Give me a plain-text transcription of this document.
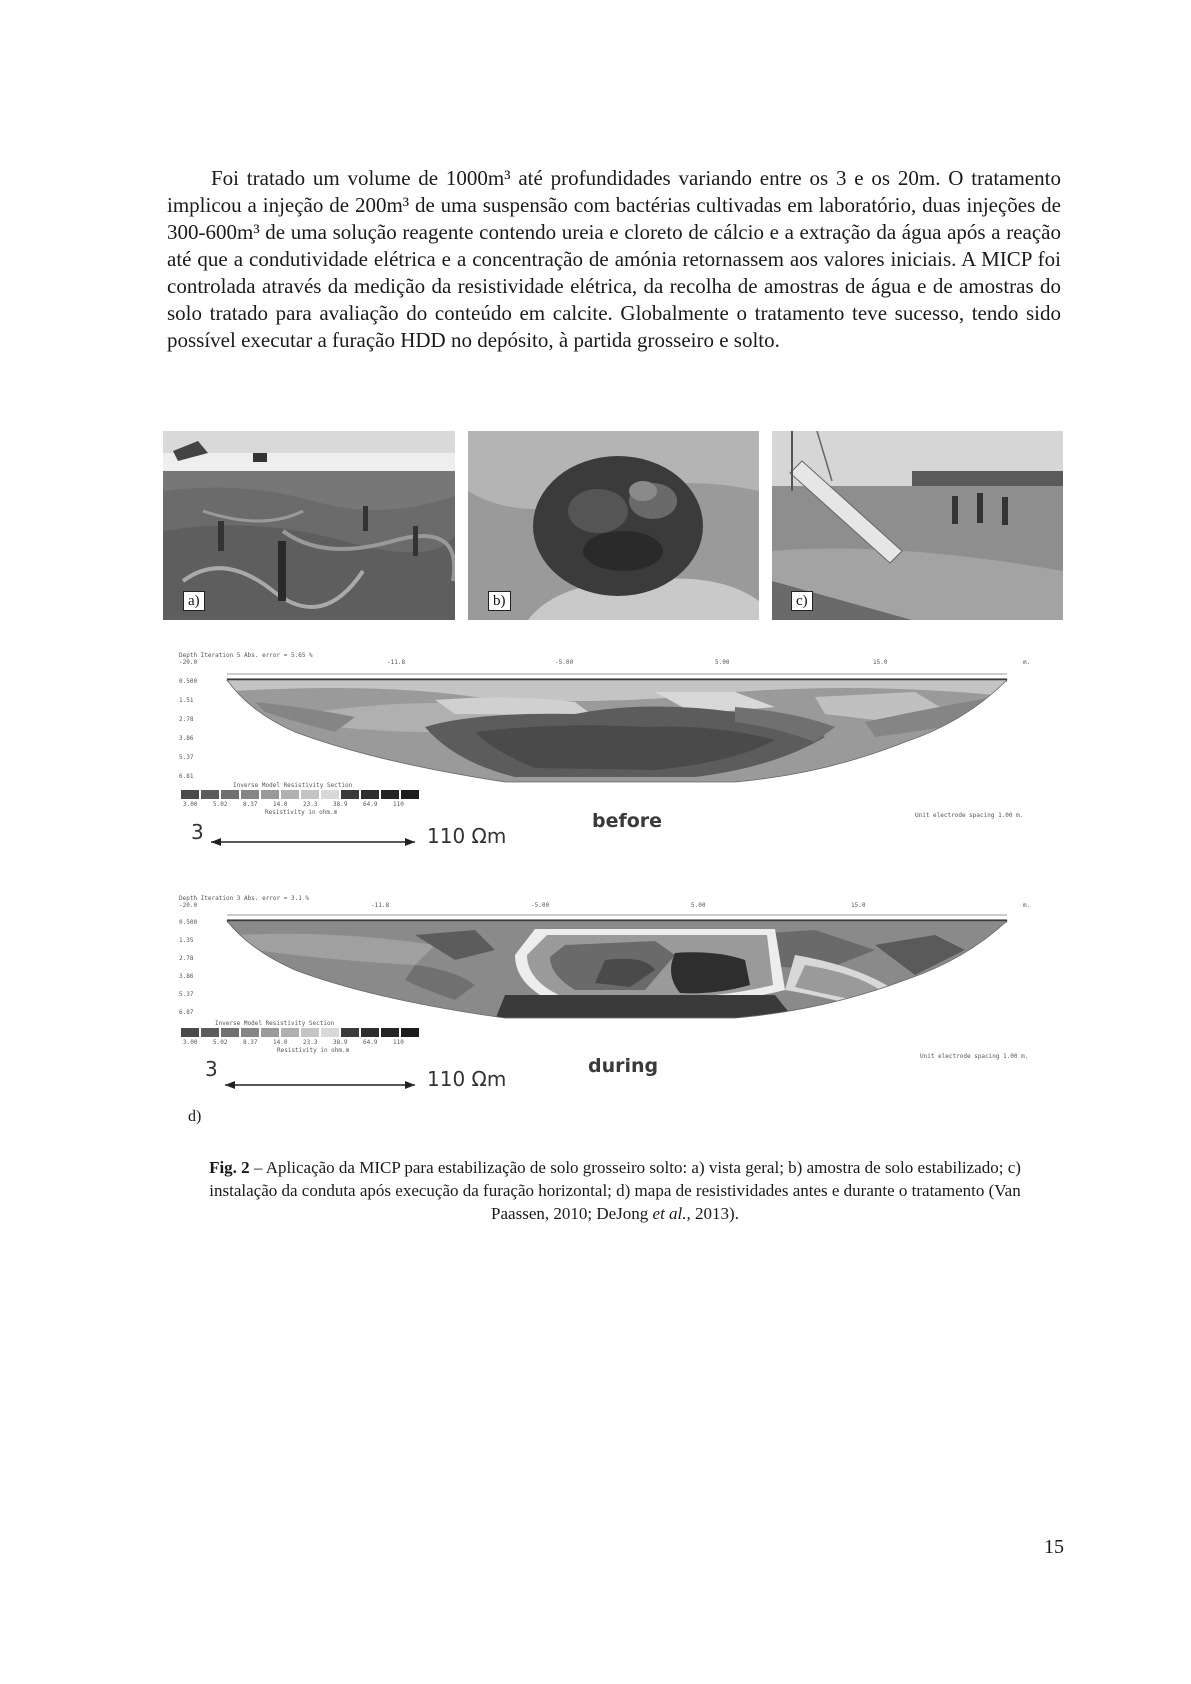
Foi tratado um volume de 1000m³ até profundidades variando entre os 3 e os 20m. O tratamento implicou a injeção de 200m³ de uma suspensão com bactérias cultivadas em laboratório, duas injeções de 300-600m³ de uma solução reagente contendo ureia e cloreto de cálcio e a extração da água após a reação até que a condutividade elétrica e a concentração de amónia retornassem aos valores iniciais. A MICP foi controlada através da medição da resistividade elétrica, da recolha de amostras de água e de amostras do solo tratado para avaliação do conteúdo em calcite. Globalmente o tratamento teve sucesso, tendo sido possível executar a furação HDD no depósito, à partida grosseiro e solto.

a)	b)	c)
Depth Iteration 5 Abs. error = 5.65 %
-20.0	-11.8	-5.00	5.00	15.0	m.
0.500
1.51
2.78
3.86
5.37
6.81
Inverse Model Resistivity Section
3.00	5.02	8.37	14.0	23.3	38.9	64.9	110
Resistivity in ohm.m	Unit electrode spacing 1.00 m.
3	110 Ωm
before
Depth Iteration 3 Abs. error = 3.1 %
-20.0	-11.8	-5.00	5.00	15.0	m.
0.500
1.35
2.78
3.86
5.37
6.87
Inverse Model Resistivity Section
3.00	5.02	8.37	14.0	23.3	38.9	64.9	110
Resistivity in ohm.m
Unit electrode spacing 1.00 m.
3	110 Ωm
during
d)

Fig. 2 – Aplicação da MICP para estabilização de solo grosseiro solto: a) vista geral; b) amostra de solo estabilizado; c) instalação da conduta após execução da furação horizontal; d) mapa de resistividades antes e durante o tratamento (Van Paassen, 2010; DeJong et al., 2013).

15
